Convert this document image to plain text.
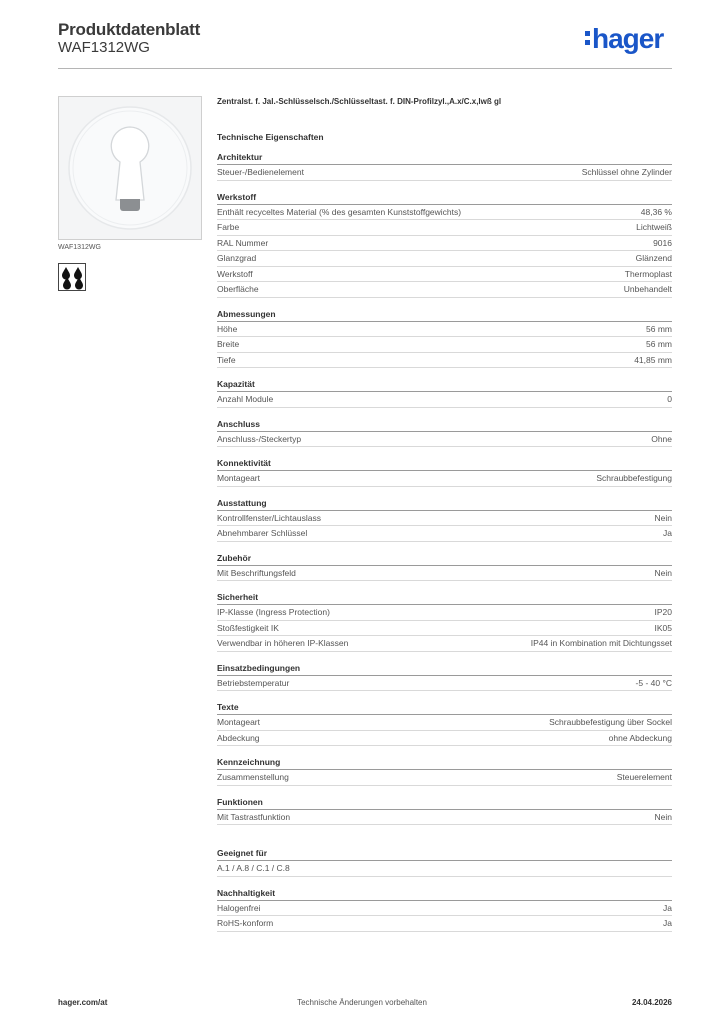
Produktdatenblatt
WAF1312WG	hager
WAF1312WG
Zentralst. f. Jal.-Schlüsselsch./Schlüsseltast. f. DIN-Profilzyl.,A.x/C.x,lwß gl
Technische Eigenschaften
Architektur
Steuer-/Bedienelement	Schlüssel ohne Zylinder
Werkstoff
Enthält recyceltes Material (% des gesamten Kunststoffgewichts)	48,36 %
Farbe	Lichtweiß
RAL Nummer	9016
Glanzgrad	Glänzend
Werkstoff	Thermoplast
Oberfläche	Unbehandelt
Abmessungen
Höhe	56 mm
Breite	56 mm
Tiefe	41,85 mm
Kapazität
Anzahl Module	0
Anschluss
Anschluss-/Steckertyp	Ohne
Konnektivität
Montageart	Schraubbefestigung
Ausstattung
Kontrollfenster/Lichtauslass	Nein
Abnehmbarer Schlüssel	Ja
Zubehör
Mit Beschriftungsfeld	Nein
Sicherheit
IP-Klasse (Ingress Protection)	IP20
Stoßfestigkeit IK	IK05
Verwendbar in höheren IP-Klassen	IP44 in Kombination mit Dichtungsset
Einsatzbedingungen
Betriebstemperatur	-5 - 40 °C
Texte
Montageart	Schraubbefestigung über Sockel
Abdeckung	ohne Abdeckung
Kennzeichnung
Zusammenstellung	Steuerelement
Funktionen
Mit Tastrastfunktion	Nein
Geeignet für
A.1 / A.8 / C.1 / C.8
Nachhaltigkeit
Halogenfrei	Ja
RoHS-konform	Ja
hager.com/at	Technische Änderungen vorbehalten	24.04.2026
